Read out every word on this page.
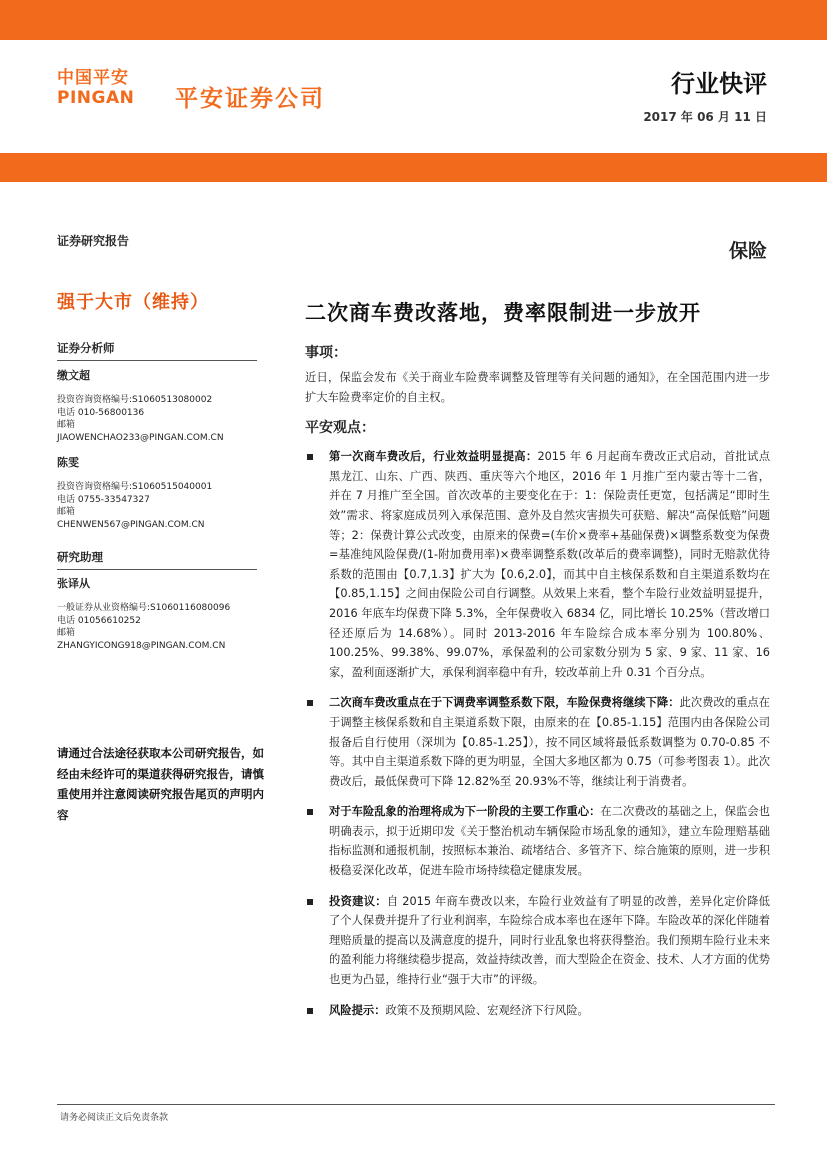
中国平安
PINGAN	平安证券公司
行业快评
2017 年 06 月 11 日
证券研究报告	保险
强于大市（维持）	二次商车费改落地，费率限制进一步放开
证券分析师
缴文超
投资咨询资格编号:S1060513080002
电话 010-56800136
邮箱
JIAOWENCHAO233@PINGAN.COM.CN
陈雯
投资咨询资格编号:S1060515040001
电话 0755-33547327
邮箱
CHENWEN567@PINGAN.COM.CN
研究助理
张译从
一般证券从业资格编号:S1060116080096
电话 01056610252
邮箱
ZHANGYICONG918@PINGAN.COM.CN
请通过合法途径获取本公司研究报告，如经由未经许可的渠道获得研究报告，请慎重使用并注意阅读研究报告尾页的声明内容
事项：
近日，保监会发布《关于商业车险费率调整及管理等有关问题的通知》，在全国范围内进一步扩大车险费率定价的自主权。
平安观点：
第一次商车费改后，行业效益明显提高：2015 年 6 月起商车费改正式启动，首批试点黑龙江、山东、广西、陕西、重庆等六个地区，2016 年 1 月推广至内蒙古等十二省，并在 7 月推广至全国。首次改革的主要变化在于：1：保险责任更宽，包括满足“即时生效”需求、将家庭成员列入承保范围、意外及自然灾害损失可获赔、解决“高保低赔”问题等；2：保费计算公式改变，由原来的保费=(车价×费率+基础保费)×调整系数变为保费=基准纯风险保费/(1-附加费用率)×费率调整系数(改革后的费率调整)，同时无赔款优待系数的范围由【0.7,1.3】扩大为【0.6,2.0】，而其中自主核保系数和自主渠道系数均在【0.85,1.15】之间由保险公司自行调整。从效果上来看，整个车险行业效益明显提升，2016 年底车均保费下降 5.3%，全年保费收入 6834 亿，同比增长 10.25%（营改增口径还原后为 14.68%）。同时 2013-2016 年车险综合成本率分别为 100.80%、100.25%、99.38%、99.07%，承保盈利的公司家数分别为 5 家、9 家、11 家、16 家，盈利面逐渐扩大，承保利润率稳中有升，较改革前上升 0.31 个百分点。
二次商车费改重点在于下调费率调整系数下限，车险保费将继续下降：此次费改的重点在于调整主核保系数和自主渠道系数下限，由原来的在【0.85-1.15】范围内由各保险公司报备后自行使用（深圳为【0.85-1.25】），按不同区域将最低系数调整为 0.70-0.85 不等。其中自主渠道系数下降的更为明显，全国大多地区都为 0.75（可参考图表 1）。此次费改后，最低保费可下降 12.82%至 20.93%不等，继续让利于消费者。
对于车险乱象的治理将成为下一阶段的主要工作重心：在二次费改的基础之上，保监会也明确表示，拟于近期印发《关于整治机动车辆保险市场乱象的通知》，建立车险理赔基础指标监测和通报机制，按照标本兼治、疏堵结合、多管齐下、综合施策的原则，进一步积极稳妥深化改革，促进车险市场持续稳定健康发展。
投资建议：自 2015 年商车费改以来，车险行业效益有了明显的改善，差异化定价降低了个人保费并提升了行业利润率，车险综合成本率也在逐年下降。车险改革的深化伴随着理赔质量的提高以及满意度的提升，同时行业乱象也将获得整治。我们预期车险行业未来的盈利能力将继续稳步提高，效益持续改善，而大型险企在资金、技术、人才方面的优势也更为凸显，维持行业“强于大市”的评级。
风险提示：政策不及预期风险、宏观经济下行风险。
请务必阅读正文后免责条款
